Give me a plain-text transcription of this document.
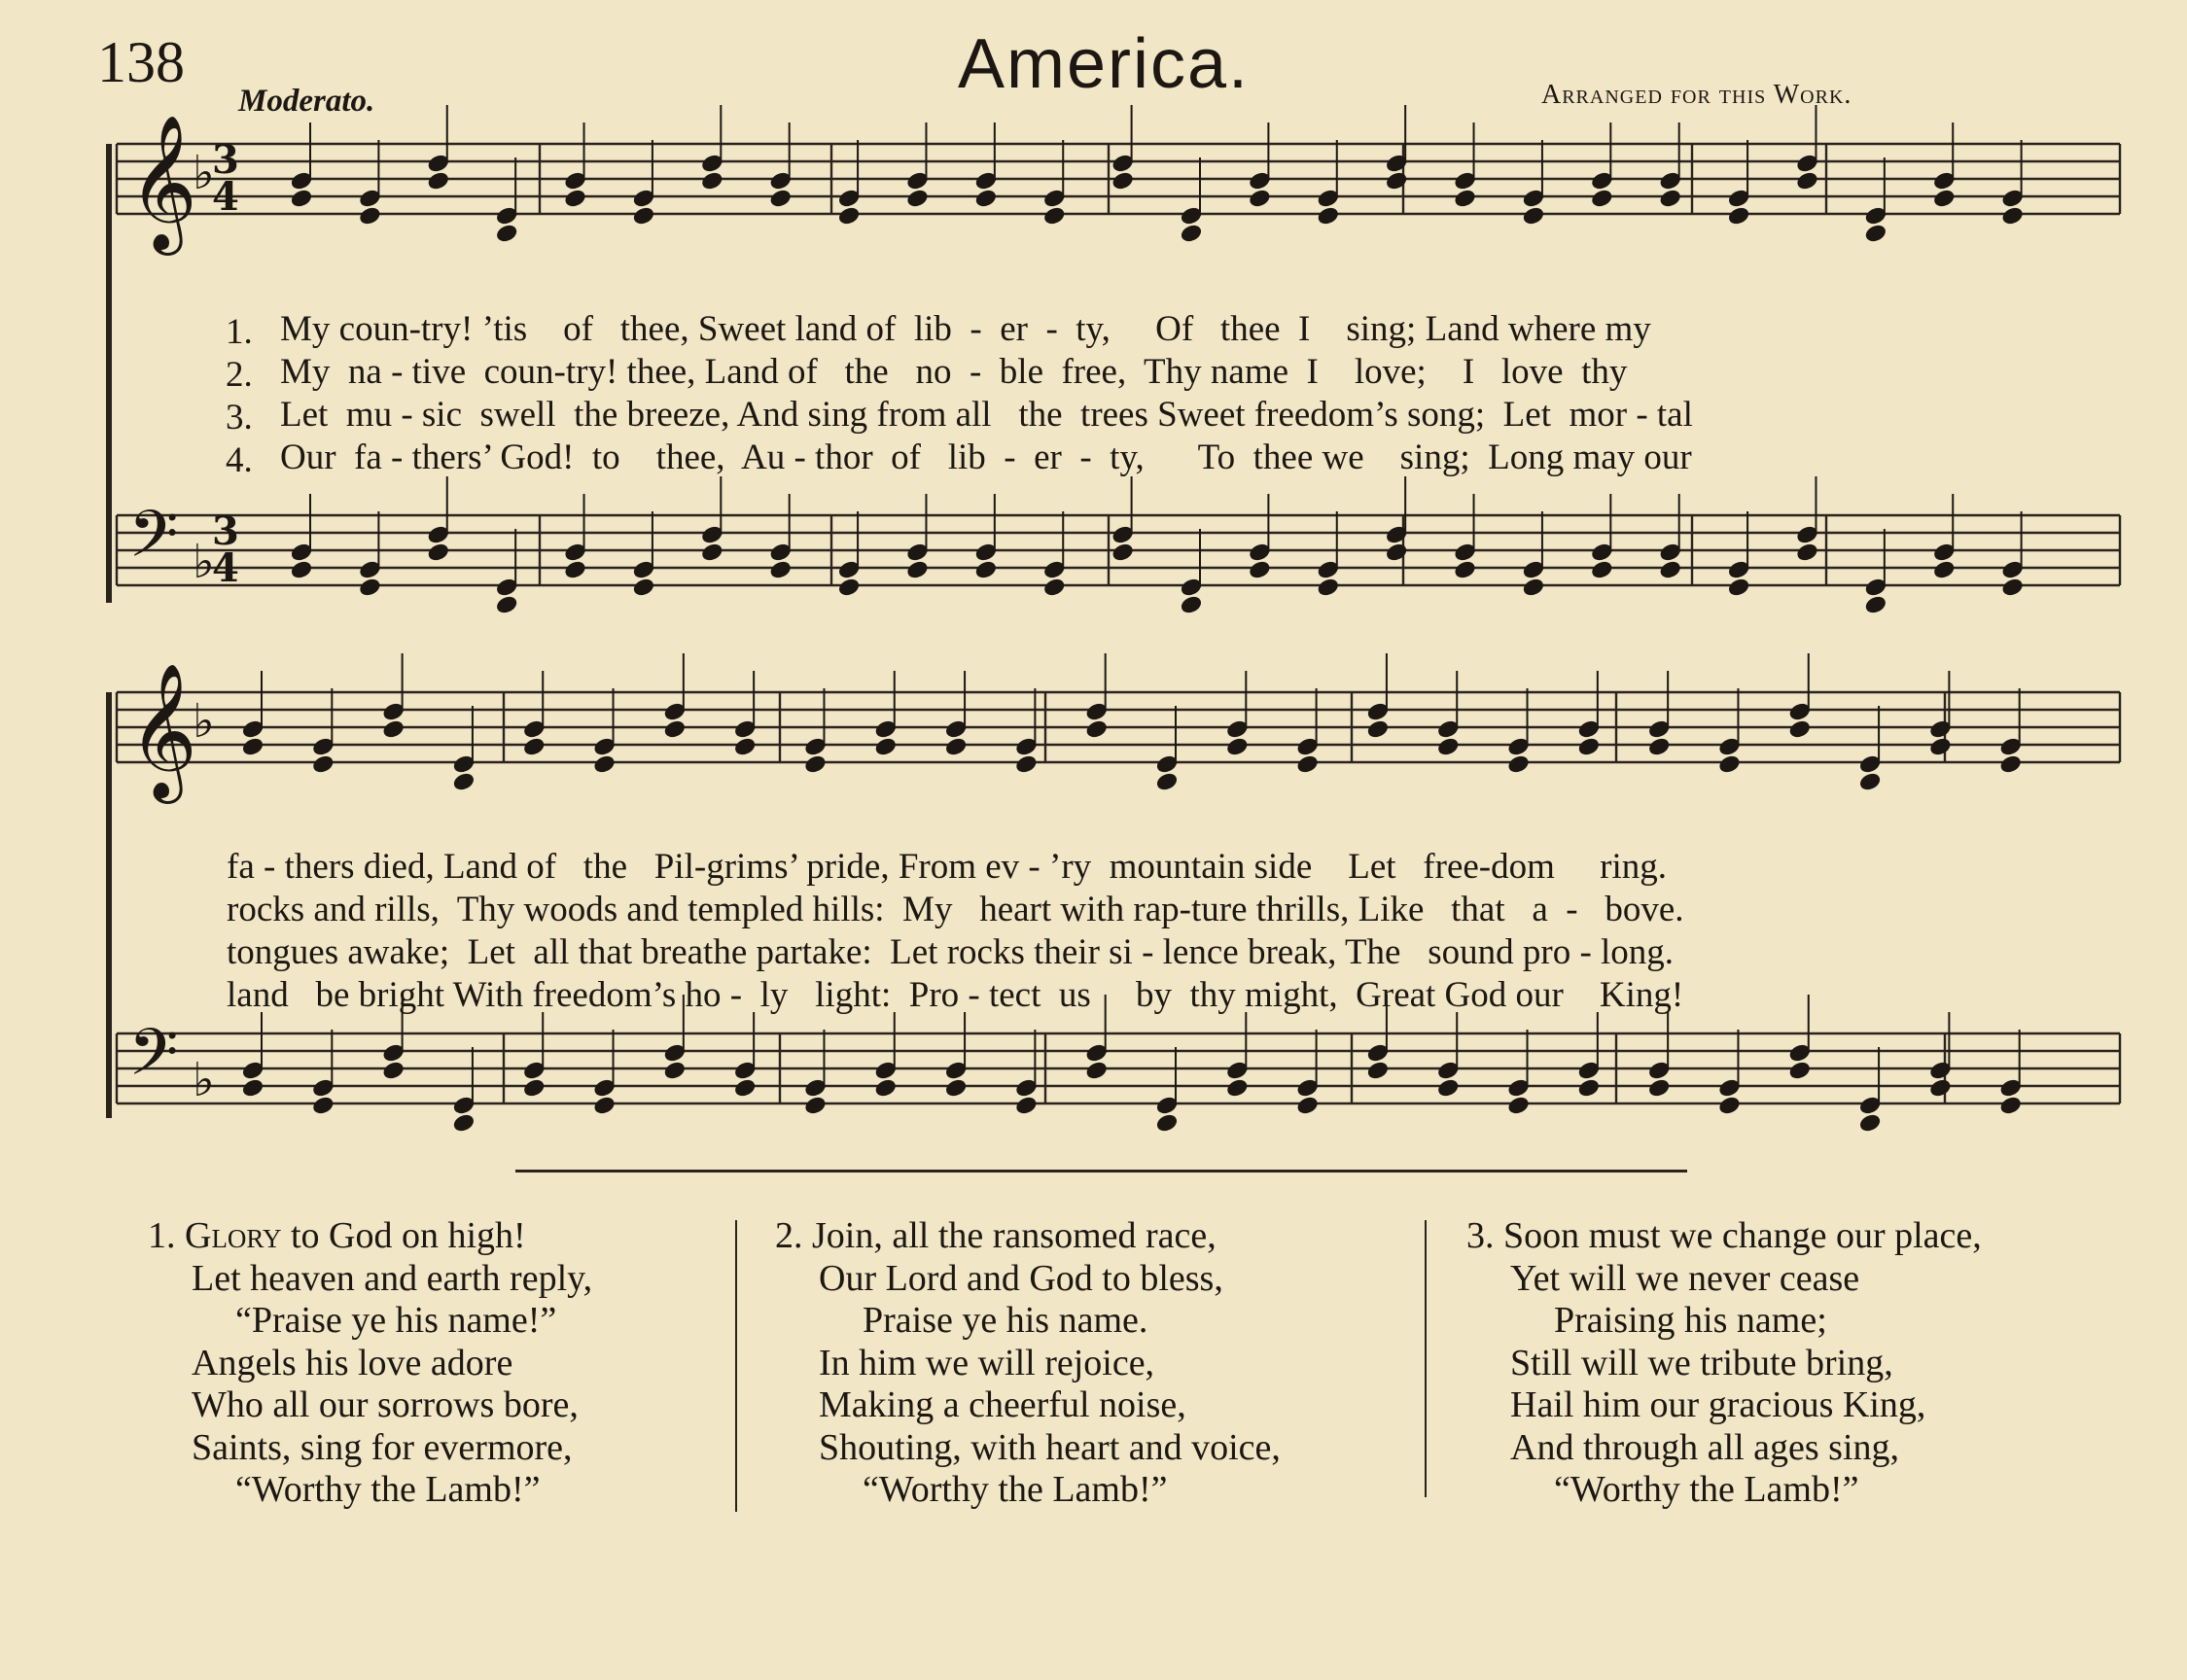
138
Moderato.	America.	Arranged for this Work.
𝄞
♭
3
4
𝄢 ♭
3
4
𝄞
♭
𝄢 ♭
1. My coun-try! ’tis    of   thee, Sweet land of  lib  -  er  -  ty,     Of   thee  I    sing; Land where my
2. My  na - tive  coun-try! thee, Land of   the   no  -  ble  free,  Thy name  I    love;    I   love  thy
3. Let  mu - sic  swell  the breeze, And sing from all   the  trees Sweet freedom’s song;  Let  mor - tal
4. Our  fa - thers’ God!  to    thee,  Au - thor  of   lib  -  er  -  ty,      To  thee we    sing;  Long may our
fa - thers died, Land of   the   Pil-grims’ pride, From ev - ’ry  mountain side    Let   free-dom     ring.
rocks and rills,  Thy woods and templed hills:  My   heart with rap-ture thrills, Like   that   a  -   bove.
tongues awake;  Let  all that breathe partake:  Let rocks their si - lence break, The   sound pro - long.
land   be bright With freedom’s ho -  ly   light:  Pro - tect  us     by  thy might,  Great God our    King!
1. Glory to God on high!
Let heaven and earth reply,
“Praise ye his name!”
Angels his love adore
Who all our sorrows bore,
Saints, sing for evermore,
“Worthy the Lamb!”
2. Join, all the ransomed race,
Our Lord and God to bless,
Praise ye his name.
In him we will rejoice,
Making a cheerful noise,
Shouting, with heart and voice,
“Worthy the Lamb!”
3. Soon must we change our place,
Yet will we never cease
Praising his name;
Still will we tribute bring,
Hail him our gracious King,
And through all ages sing,
“Worthy the Lamb!”
